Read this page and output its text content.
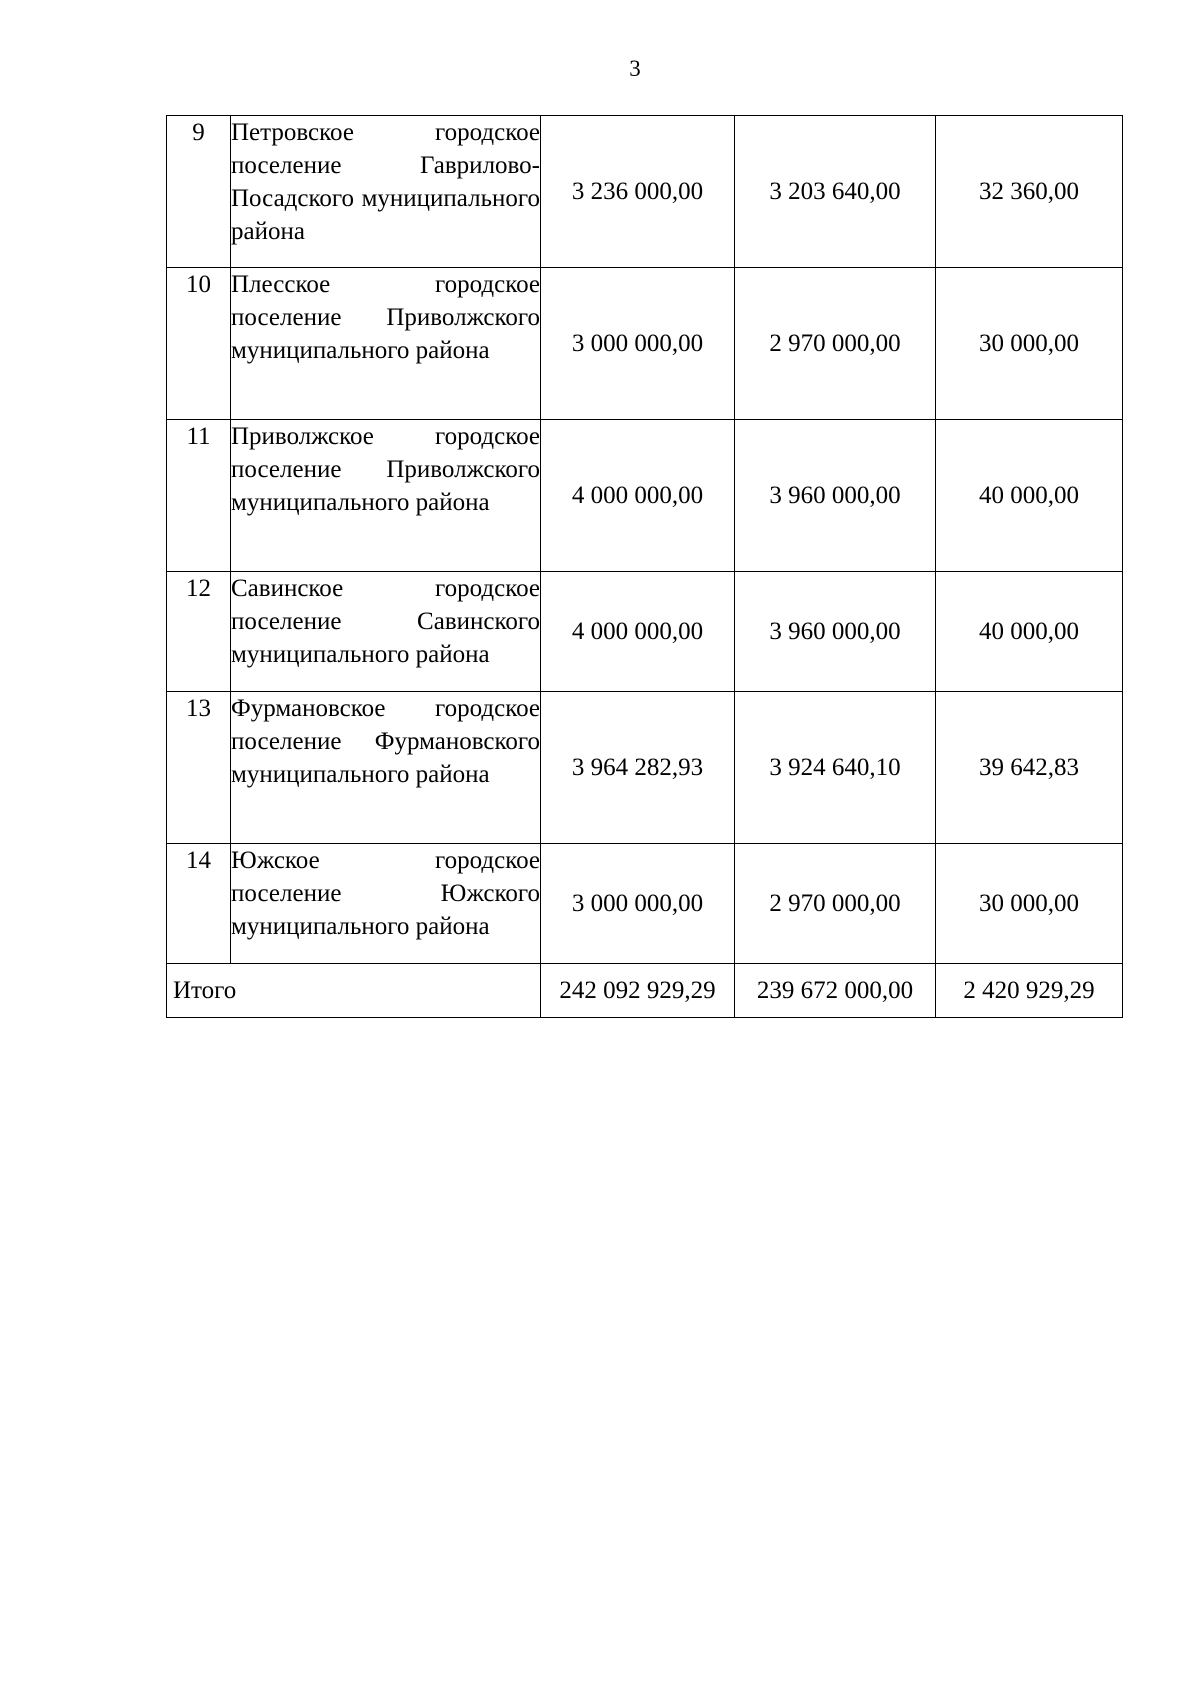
3
9	Петровское городское поселение Гаврилово-Посадского муниципального района	3 236 000,00	3 203 640,00	32 360,00
10	Плесское городское поселение Приволжского муниципального района	3 000 000,00	2 970 000,00	30 000,00
11	Приволжское городское поселение Приволжского муниципального района	4 000 000,00	3 960 000,00	40 000,00
12	Савинское городское поселение Савинского муниципального района	4 000 000,00	3 960 000,00	40 000,00
13	Фурмановское городское поселение Фурмановского муниципального района	3 964 282,93	3 924 640,10	39 642,83
14	Южское городское поселение Южского муниципального района	3 000 000,00	2 970 000,00	30 000,00
Итого		242 092 929,29	239 672 000,00	2 420 929,29
